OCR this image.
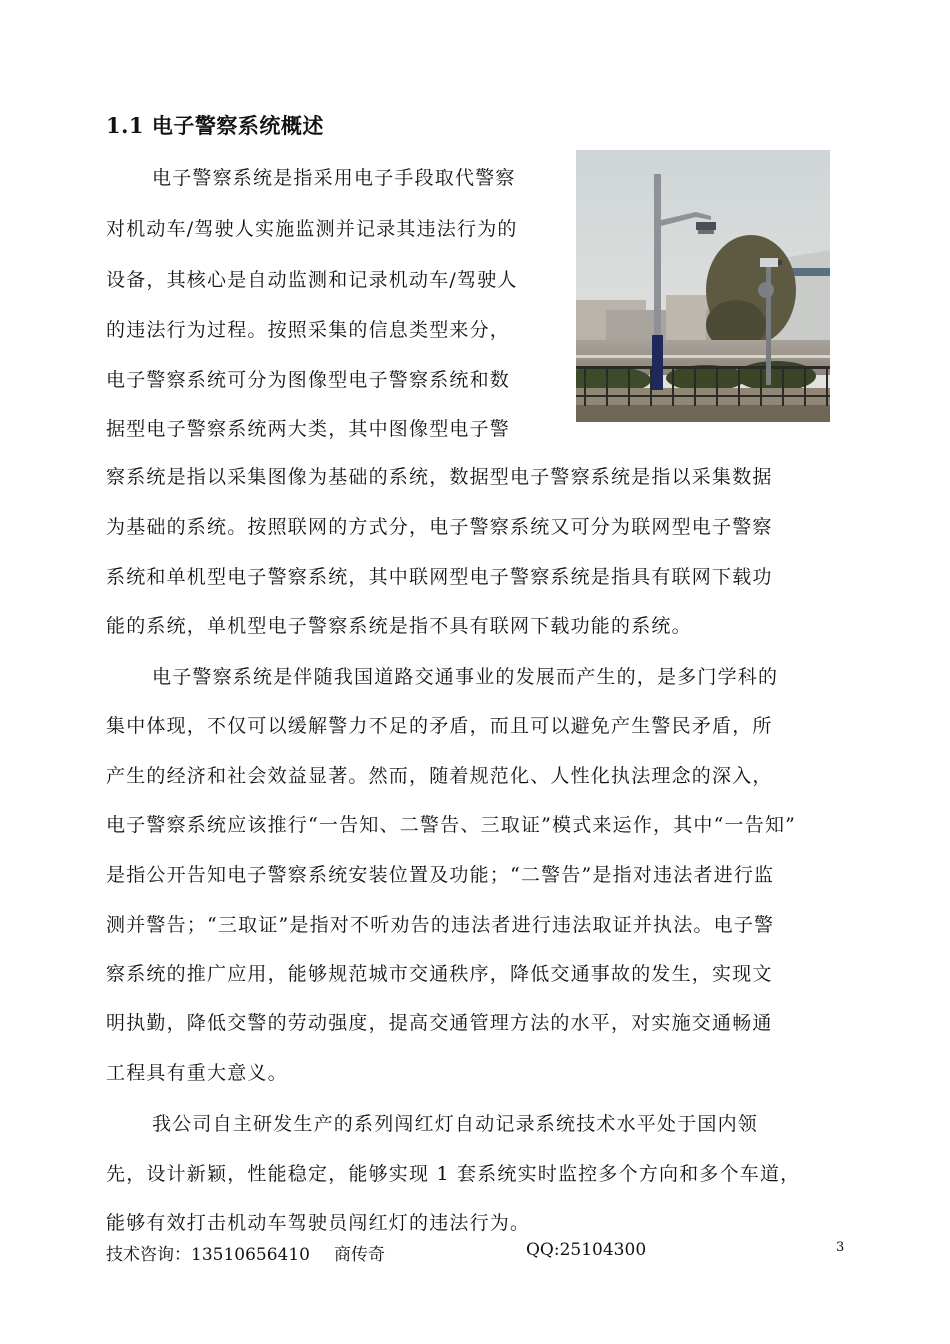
1.1 电子警察系统概述
电子警察系统是指采用电子手段取代警察
对机动车/驾驶人实施监测并记录其违法行为的
设备，其核心是自动监测和记录机动车/驾驶人
的违法行为过程。按照采集的信息类型来分，
电子警察系统可分为图像型电子警察系统和数
据型电子警察系统两大类，其中图像型电子警
察系统是指以采集图像为基础的系统，数据型电子警察系统是指以采集数据
为基础的系统。按照联网的方式分，电子警察系统又可分为联网型电子警察
系统和单机型电子警察系统，其中联网型电子警察系统是指具有联网下载功
能的系统，单机型电子警察系统是指不具有联网下载功能的系统。
电子警察系统是伴随我国道路交通事业的发展而产生的，是多门学科的
集中体现，不仅可以缓解警力不足的矛盾，而且可以避免产生警民矛盾，所
产生的经济和社会效益显著。然而，随着规范化、人性化执法理念的深入，
电子警察系统应该推行“一告知、二警告、三取证”模式来运作，其中“一告知”
是指公开告知电子警察系统安装位置及功能；“二警告”是指对违法者进行监
测并警告；“三取证”是指对不听劝告的违法者进行违法取证并执法。电子警
察系统的推广应用，能够规范城市交通秩序，降低交通事故的发生，实现文
明执勤，降低交警的劳动强度，提高交通管理方法的水平，对实施交通畅通
工程具有重大意义。
我公司自主研发生产的系列闯红灯自动记录系统技术水平处于国内领
先，设计新颖，性能稳定，能够实现 1 套系统实时监控多个方向和多个车道，
能够有效打击机动车驾驶员闯红灯的违法行为。
技术咨询：13510656410 商传奇	QQ:25104300	3
